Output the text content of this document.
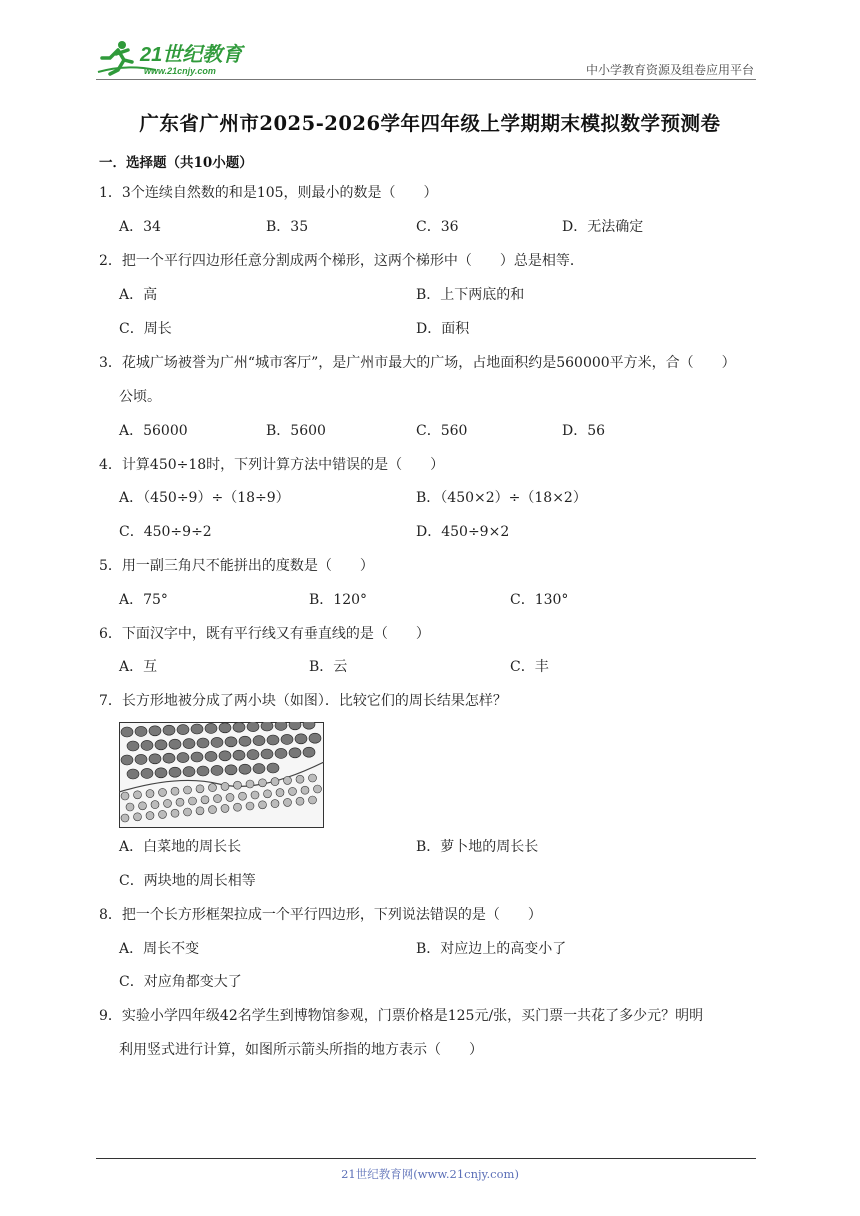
21世纪教育
www.21cnjy.com	中小学教育资源及组卷应用平台
广东省广州市2025-2026学年四年级上学期期末模拟数学预测卷
一．选择题（共10小题）
1．3个连续自然数的和是105，则最小的数是（　　）
A．34	B．35	C．36	D．无法确定
2．把一个平行四边形任意分割成两个梯形，这两个梯形中（　　）总是相等．
A．高	B．上下两底的和
C．周长	D．面积
3．花城广场被誉为广州“城市客厅”，是广州市最大的广场，占地面积约是560000平方米，合（　　）
公顷。
A．56000	B．5600	C．560	D．56
4．计算450÷18时，下列计算方法中错误的是（　　）
A．（450÷9）÷（18÷9）	B．（450×2）÷（18×2）
C．450÷9÷2	D．450÷9×2
5．用一副三角尺不能拼出的度数是（　　）
A．75°	B．120°	C．130°
6．下面汉字中，既有平行线又有垂直线的是（　　）
A．互	B．云	C．丰
7．长方形地被分成了两小块（如图）．比较它们的周长结果怎样？
A．白菜地的周长长	B．萝卜地的周长长
C．两块地的周长相等
8．把一个长方形框架拉成一个平行四边形，下列说法错误的是（　　）
A．周长不变	B．对应边上的高变小了
C．对应角都变大了
9．实验小学四年级42名学生到博物馆参观，门票价格是125元/张，买门票一共花了多少元？明明
利用竖式进行计算，如图所示箭头所指的地方表示（　　）
21世纪教育网(www.21cnjy.com)
